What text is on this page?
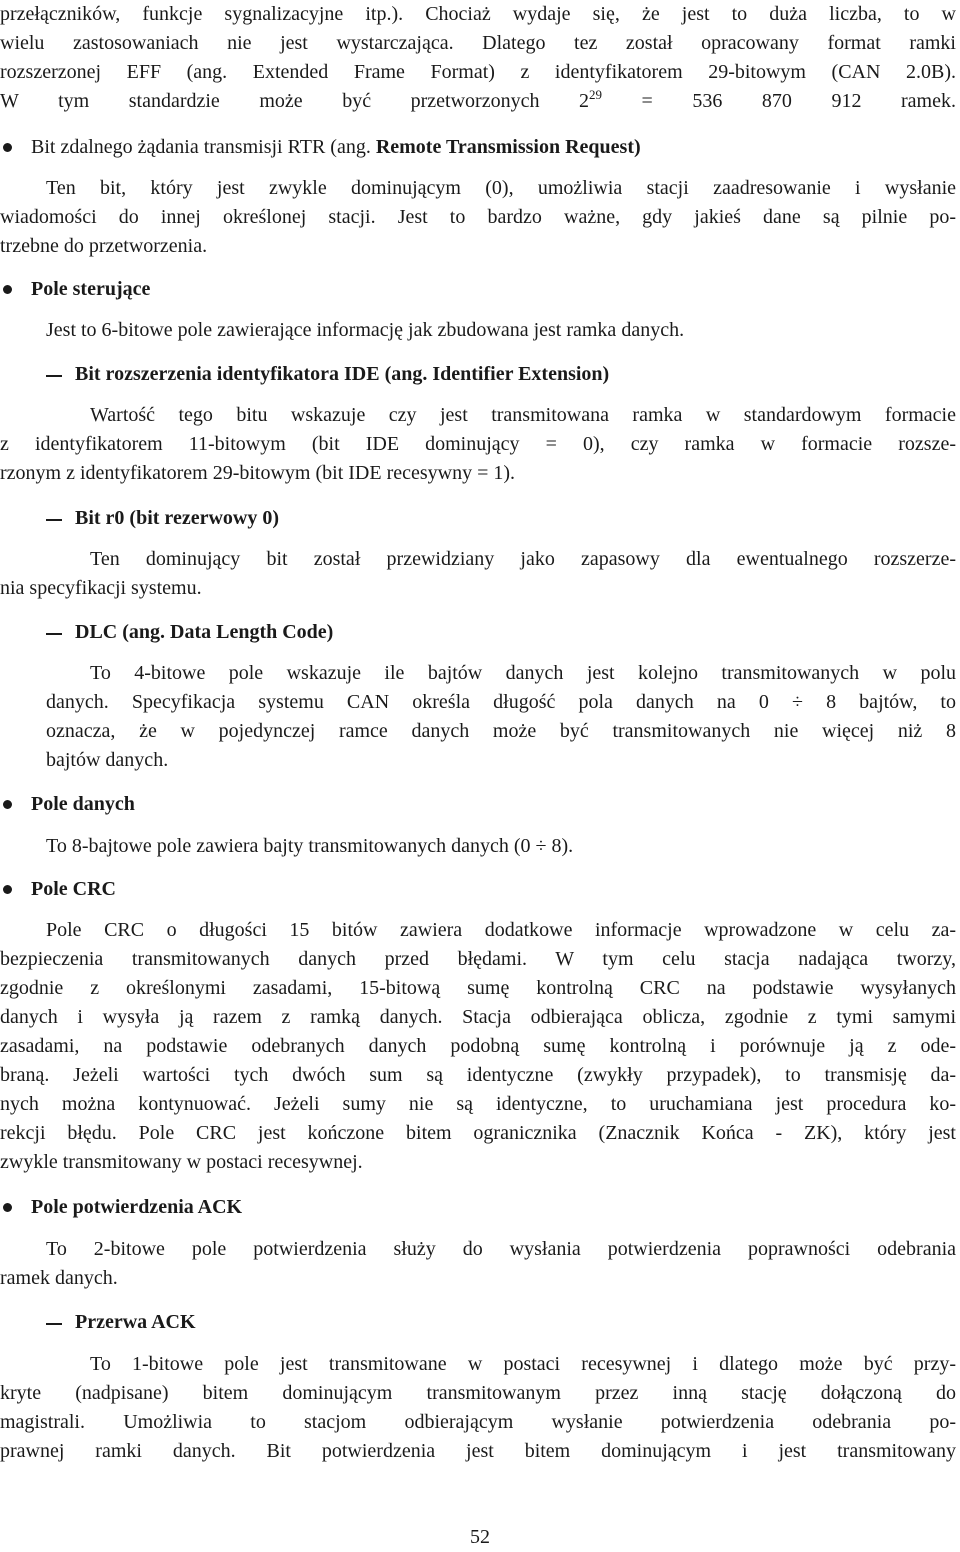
przełączników, funkcje sygnalizacyjne itp.). Chociaż wydaje się, że jest to duża liczba, to w

wielu zastosowaniach nie jest wystarczająca. Dlatego tez został opracowany format ramki

rozszerzonej EFF (ang. Extended Frame Format) z identyfikatorem 29-bitowym (CAN 2.0B).

W tym standardzie może być przetworzonych $2^{29} = 536$ 870 912 ramek.

Bit zdalnego żądania transmisji RTR (ang. Remote Transmission Request)

Ten bit, który jest zwykle dominującym (0), umożliwia stacji zaadresowanie i wysłanie

wiadomości do innej określonej stacji. Jest to bardzo ważne, gdy jakieś dane są pilnie po-

trzebne do przetworzenia.

Pole sterujące

Jest to 6-bitowe pole zawierające informację jak zbudowana jest ramka danych.

Bit rozszerzenia identyfikatora IDE (ang. Identifier Extension)

Wartość tego bitu wskazuje czy jest transmitowana ramka w standardowym formacie

z identyfikatorem 11-bitowym (bit IDE dominujący = 0), czy ramka w formacie rozsze-

rzonym z identyfikatorem 29-bitowym (bit IDE recesywny = 1).

Bit r0 (bit rezerwowy 0)

Ten dominujący bit został przewidziany jako zapasowy dla ewentualnego rozszerze-

nia specyfikacji systemu.

DLC (ang. Data Length Code)

To 4-bitowe pole wskazuje ile bajtów danych jest kolejno transmitowanych w polu

danych. Specyfikacja systemu CAN określa długość pola danych na 0 ÷ 8 bajtów, to

oznacza, że w pojedynczej ramce danych może być transmitowanych nie więcej niż 8

bajtów danych.

Pole danych

To 8-bajtowe pole zawiera bajty transmitowanych danych (0 ÷ 8).

Pole CRC

Pole CRC o długości 15 bitów zawiera dodatkowe informacje wprowadzone w celu za-

bezpieczenia transmitowanych danych przed błędami. W tym celu stacja nadająca tworzy,

zgodnie z określonymi zasadami, 15-bitową sumę kontrolną CRC na podstawie wysyłanych

danych i wysyła ją razem z ramką danych. Stacja odbierająca oblicza, zgodnie z tymi samymi

zasadami, na podstawie odebranych danych podobną sumę kontrolną i porównuje ją z ode-

braną. Jeżeli wartości tych dwóch sum są identyczne (zwykły przypadek), to transmisję da-

nych można kontynuować. Jeżeli sumy nie są identyczne, to uruchamiana jest procedura ko-

rekcji błędu. Pole CRC jest kończone bitem ogranicznika (Znacznik Końca - ZK), który jest

zwykle transmitowany w postaci recesywnej.

Pole potwierdzenia ACK

To 2-bitowe pole potwierdzenia służy do wysłania potwierdzenia poprawności odebrania

ramek danych.

Przerwa ACK

To 1-bitowe pole jest transmitowane w postaci recesywnej i dlatego może być przy-

kryte (nadpisane) bitem dominującym transmitowanym przez inną stację dołączoną do

magistrali. Umożliwia to stacjom odbierającym wysłanie potwierdzenia odebrania po-

prawnej ramki danych. Bit potwierdzenia jest bitem dominującym i jest transmitowany

52
